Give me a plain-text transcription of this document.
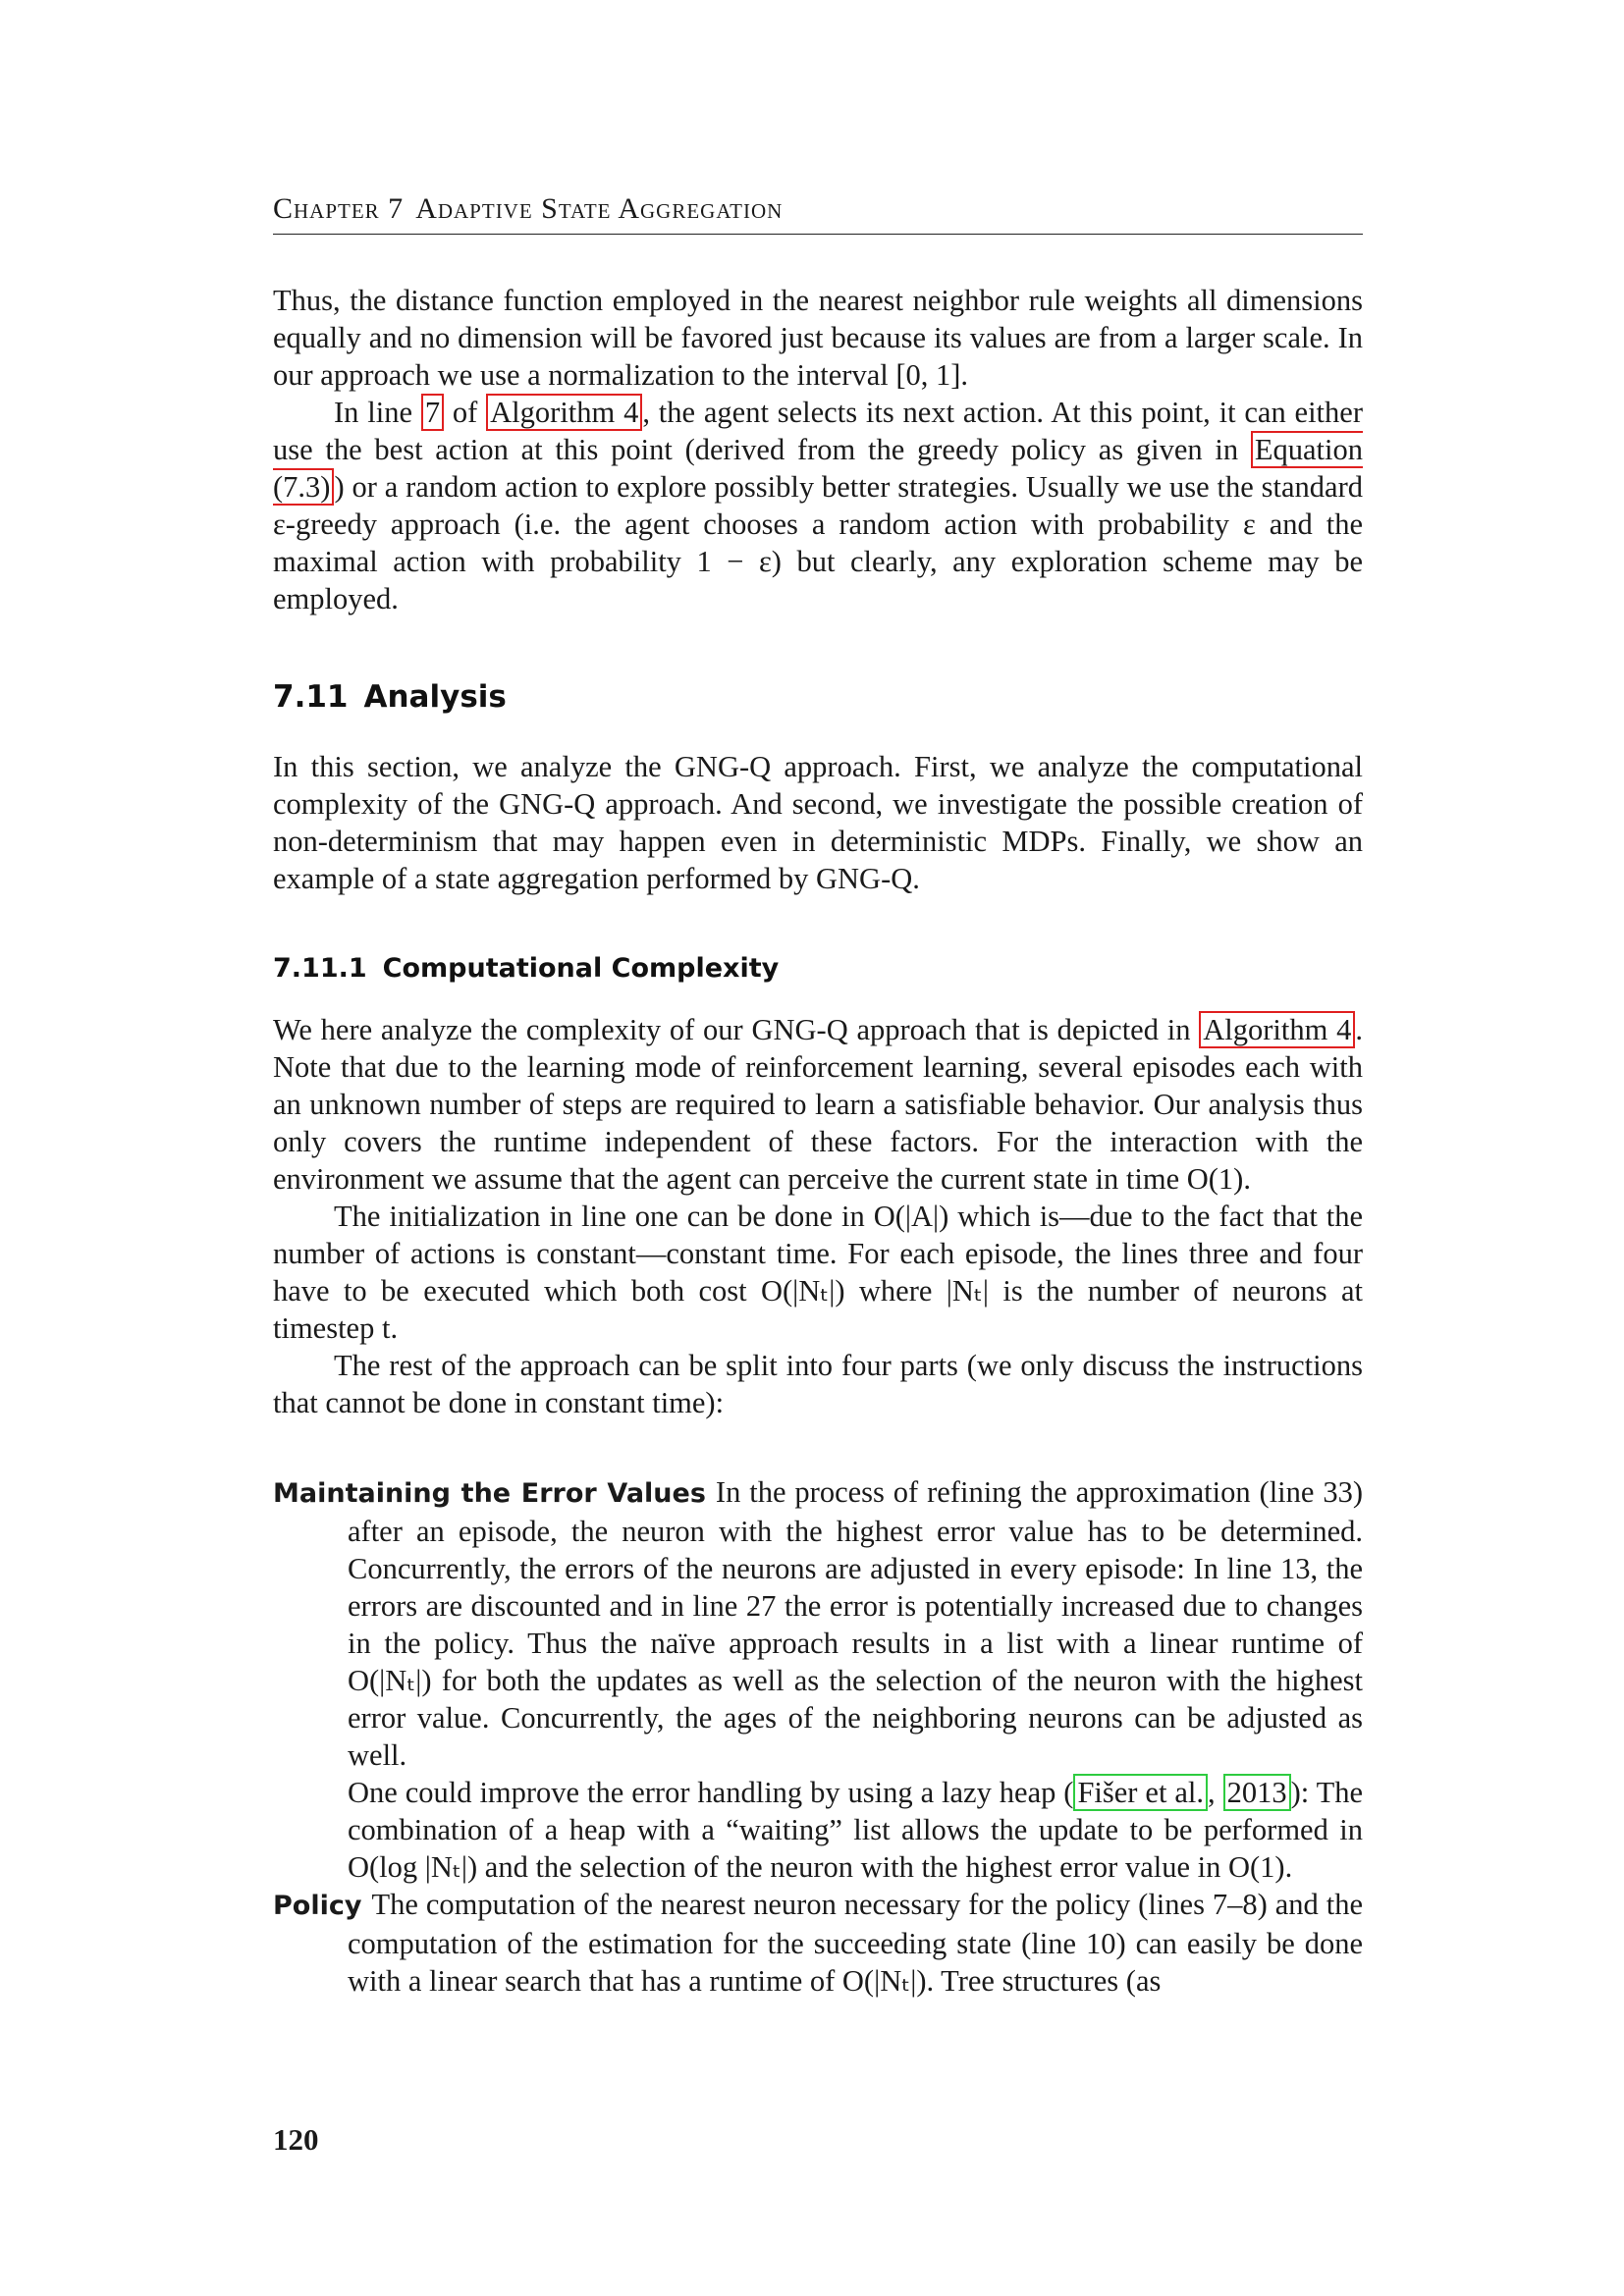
Chapter 7 Adaptive State Aggregation

Thus, the distance function employed in the nearest neighbor rule weights all dimensions equally and no dimension will be favored just because its values are from a larger scale. In our approach we use a normalization to the interval [0, 1].

In line 7 of Algorithm 4 , the agent selects its next action. At this point, it can either use the best action at this point (derived from the greedy policy as given in Equation (7.3) ) or a random action to explore possibly better strategies. Usually we use the standard ε-greedy approach (i.e. the agent chooses a random action with probability ε and the maximal action with probability 1 − ε) but clearly, any exploration scheme may be employed.

7.11 Analysis

In this section, we analyze the GNG-Q approach. First, we analyze the computational complexity of the GNG-Q approach. And second, we investigate the possible creation of non-determinism that may happen even in deterministic MDPs. Finally, we show an example of a state aggregation performed by GNG-Q.

7.11.1 Computational Complexity

We here analyze the complexity of our GNG-Q approach that is depicted in Algorithm 4 . Note that due to the learning mode of reinforcement learning, several episodes each with an unknown number of steps are required to learn a satisfiable behavior. Our analysis thus only covers the runtime independent of these factors. For the interaction with the environment we assume that the agent can perceive the current state in time O(1).

The initialization in line one can be done in O(|A|) which is—due to the fact that the number of actions is constant—constant time. For each episode, the lines three and four have to be executed which both cost O(|Nₜ|) where |Nₜ| is the number of neurons at timestep t.

The rest of the approach can be split into four parts (we only discuss the instructions that cannot be done in constant time):

Maintaining the Error Values In the process of refining the approximation (line 33) after an episode, the neuron with the highest error value has to be determined. Concurrently, the errors of the neurons are adjusted in every episode: In line 13, the errors are discounted and in line 27 the error is potentially increased due to changes in the policy. Thus the naïve approach results in a list with a linear runtime of O(|Nₜ|) for both the updates as well as the selection of the neuron with the highest error value. Concurrently, the ages of the neighboring neurons can be adjusted as well.

One could improve the error handling by using a lazy heap ( Fišer et al. , 2013 ): The combination of a heap with a “waiting” list allows the update to be performed in O(log |Nₜ|) and the selection of the neuron with the highest error value in O(1).

Policy The computation of the nearest neuron necessary for the policy (lines 7–8) and the computation of the estimation for the succeeding state (line 10) can easily be done with a linear search that has a runtime of O(|Nₜ|). Tree structures (as

120
